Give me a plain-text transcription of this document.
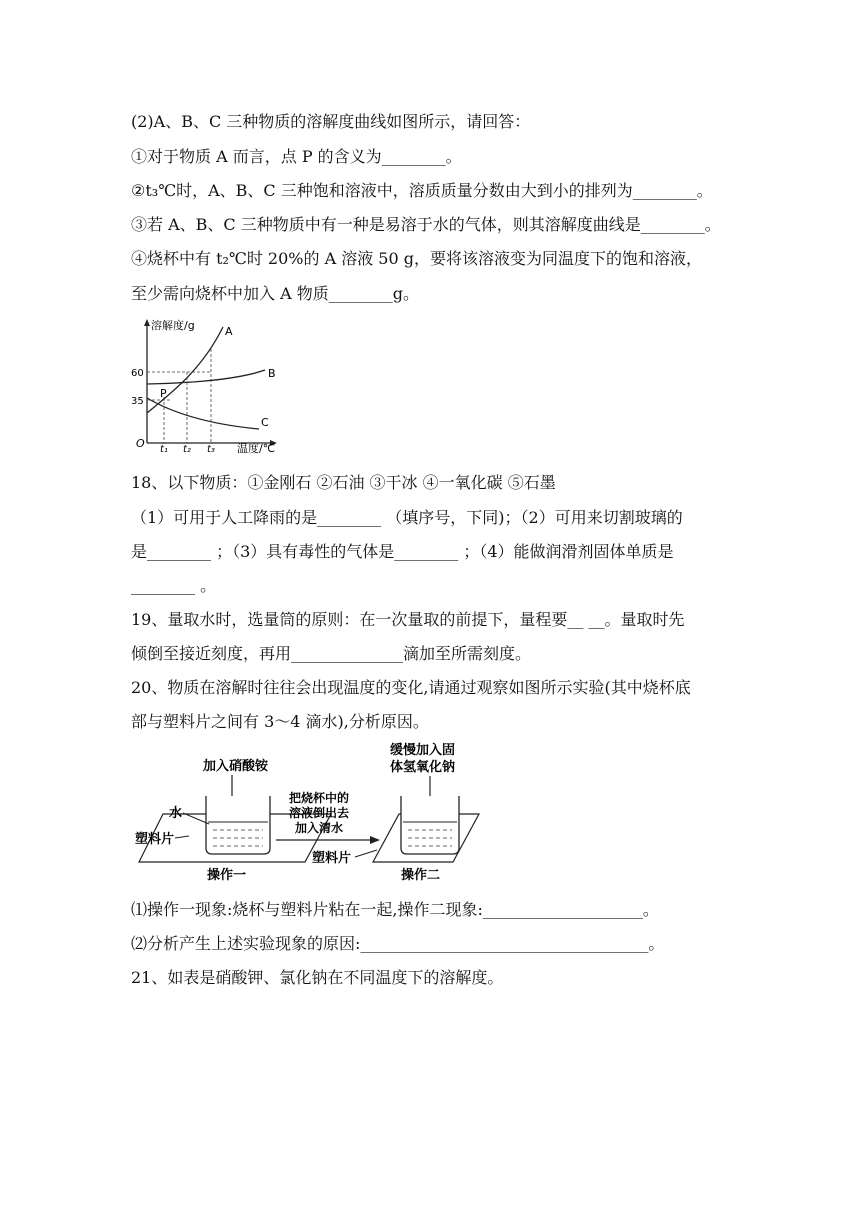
(2)A、B、C 三种物质的溶解度曲线如图所示，请回答：
①对于物质 A 而言，点 P 的含义为________。
②t₃℃时，A、B、C 三种饱和溶液中，溶质质量分数由大到小的排列为________。
③若 A、B、C 三种物质中有一种是易溶于水的气体，则其溶解度曲线是________。
④烧杯中有 t₂℃时 20%的 A 溶液 50 g，要将该溶液变为同温度下的饱和溶液，
至少需向烧杯中加入 A 物质________g。
溶解度/g	A
B
C
P
60
35
O t₁ t₂ t₃ 温度/℃
18、以下物质：①金刚石 ②石油 ③干冰 ④一氧化碳 ⑤石墨
（1）可用于人工降雨的是________ （填序号，下同)；（2）可用来切割玻璃的
是________ ；（3）具有毒性的气体是________ ；（4）能做润滑剂固体单质是
________ 。
19、量取水时，选量筒的原则：在一次量取的前提下，量程要__ __。量取时先
倾倒至接近刻度，再用______________滴加至所需刻度。
20、物质在溶解时往往会出现温度的变化,请通过观察如图所示实验(其中烧杯底
部与塑料片之间有 3～4 滴水),分析原因。
加入硝酸铵
水
塑料片
操作一
把烧杯中的
溶液倒出去
加入清水
塑料片
缓慢加入固
体氢氧化钠
操作二
⑴操作一现象:烧杯与塑料片粘在一起,操作二现象:____________________。
⑵分析产生上述实验现象的原因:____________________________________。
21、如表是硝酸钾、氯化钠在不同温度下的溶解度。
